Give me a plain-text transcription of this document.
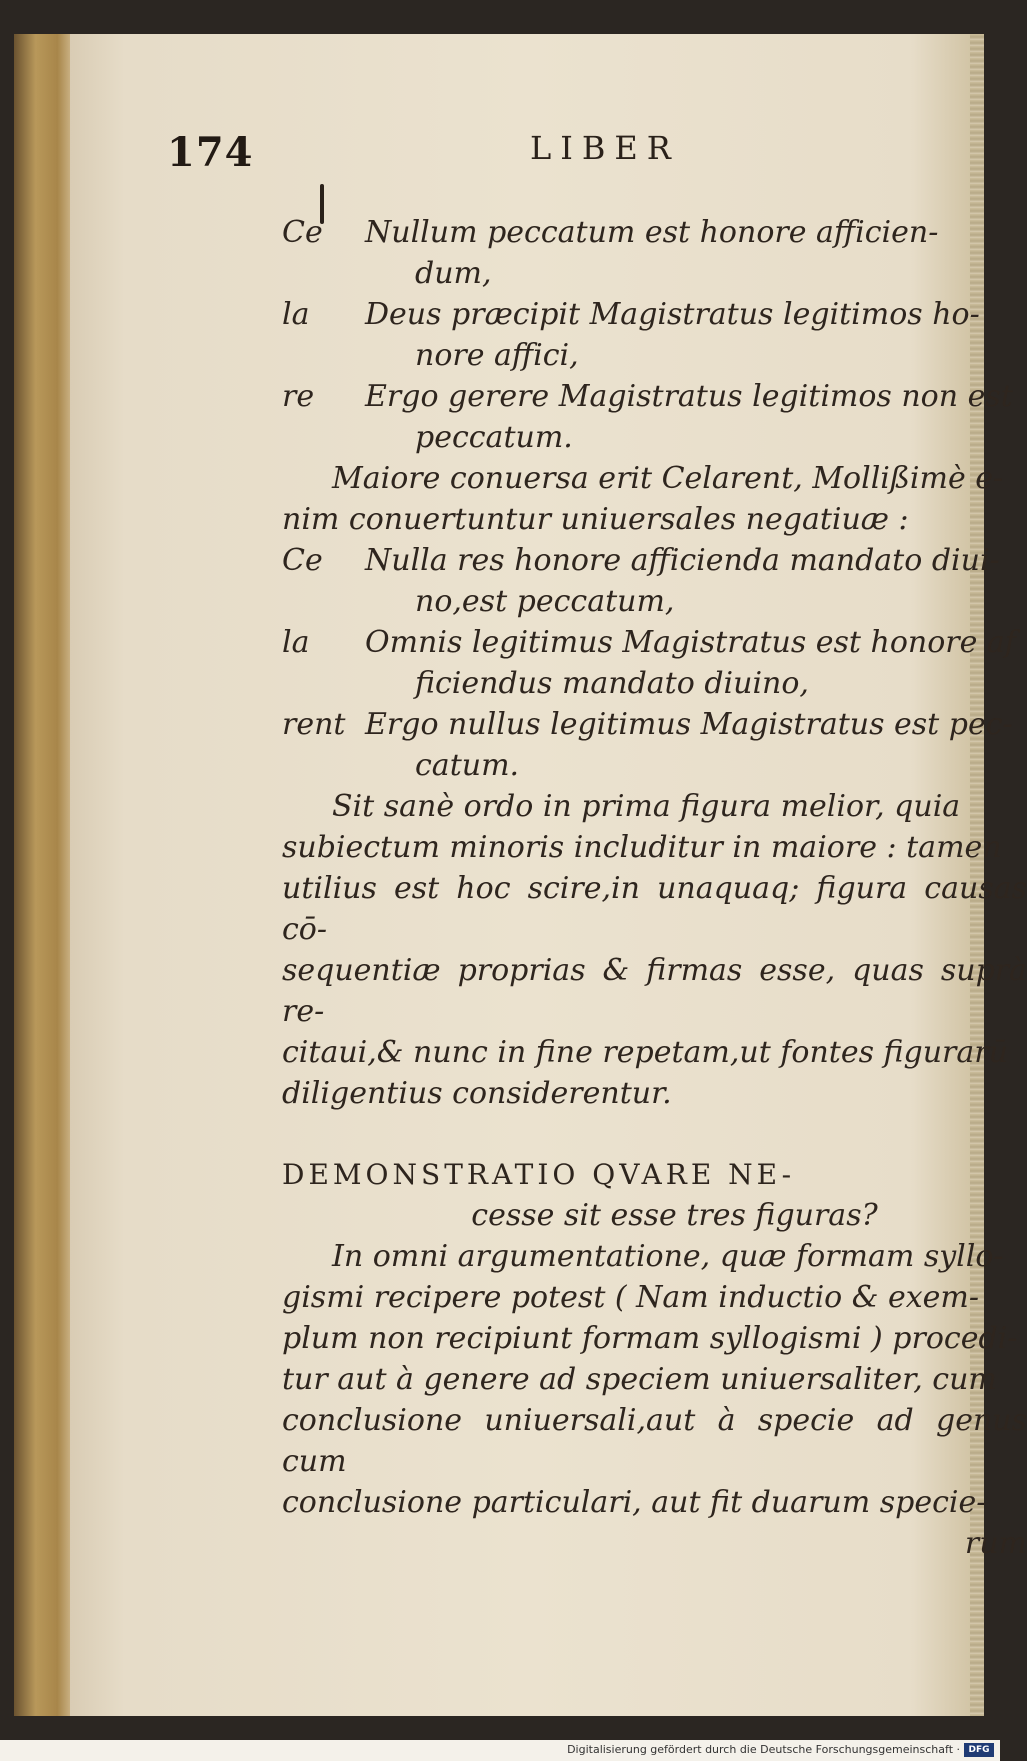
174	LIBER
Ce Nullum peccatum est honore afficien-
dum,
la Deus præcipit Magistratus legitimos ho-
nore affici,
re Ergo gerere Magistratus legitimos non est
peccatum.
Maiore conuersa erit Celarent, Mollißimè e-
nim conuertuntur uniuersales negatiuæ :
Ce Nulla res honore afficienda mandato diui-
no,est peccatum,
la Omnis legitimus Magistratus est honore af
ficiendus mandato diuino,
rent Ergo nullus legitimus Magistratus est pec-
catum.
Sit sanè ordo in prima figura melior, quia
subiectum minoris includitur in maiore : tamen
utilius est hoc scire,in unaquaq; figura causas cō-
sequentiæ proprias & firmas esse, quas suprà re-
citaui,& nunc in fine repetam,ut fontes figurarū
diligentius considerentur.
DEMONSTRATIO QVARE NE-
cesse sit esse tres figuras?
In omni argumentatione, quæ formam syllo-
gismi recipere potest ( Nam inductio & exem-
plum non recipiunt formam syllogismi ) procedi-
tur aut à genere ad speciem uniuersaliter, cum
conclusione uniuersali,aut à specie ad genus cum
conclusione particulari, aut fit duarum specie-
rum
Digitalisierung gefördert durch die Deutsche Forschungsgemeinschaft · DFG
